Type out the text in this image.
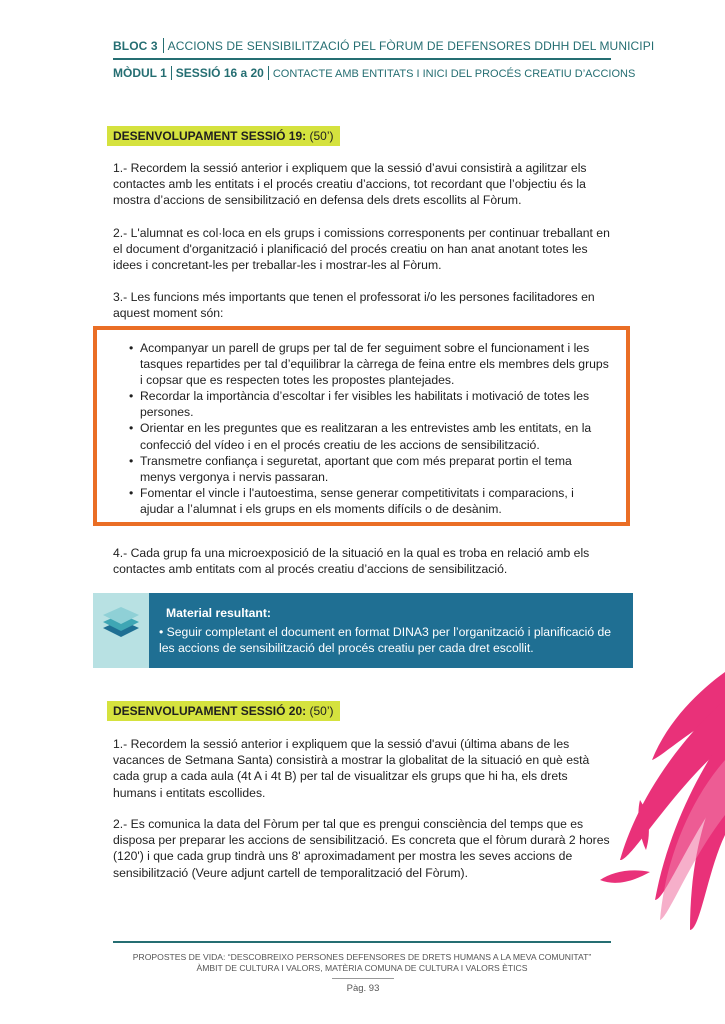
BLOC 3 ACCIONS DE SENSIBILITZACIÓ PEL FÒRUM DE DEFENSORES DDHH DEL MUNICIPI
MÒDUL 1 SESSIÓ 16 a 20 CONTACTE AMB ENTITATS I INICI DEL PROCÉS CREATIU D’ACCIONS
DESENVOLUPAMENT SESSIÓ 19: (50’)

1.- Recordem la sessió anterior i expliquem que la sessió d’avui consistirà a agilitzar els contactes amb les entitats i el procés creatiu d’accions, tot recordant que l’objectiu és la mostra d’accions de sensibilització en defensa dels drets escollits al Fòrum.

2.- L'alumnat es col·loca en els grups i comissions corresponents per continuar treballant en el document d'organització i planificació del procés creatiu on han anat anotant totes les idees i concretant-les per treballar-les i mostrar-les al Fòrum.

3.- Les funcions més importants que tenen el professorat i/o les persones facilitadores en aquest moment són:

• Acompanyar un parell de grups per tal de fer seguiment sobre el funcionament i les tasques repartides per tal d’equilibrar la càrrega de feina entre els membres dels grups i copsar que es respecten totes les propostes plantejades.
• Recordar la importància d’escoltar i fer visibles les habilitats i motivació de totes les persones.
• Orientar en les preguntes que es realitzaran a les entrevistes amb les entitats, en la confecció del vídeo i en el procés creatiu de les accions de sensibilització.
• Transmetre confiança i seguretat, aportant que com més preparat portin el tema menys vergonya i nervis passaran.
• Fomentar el vincle i l'autoestima, sense generar competitivitats i comparacions, i ajudar a l’alumnat i els grups en els moments difícils o de desànim.

4.- Cada grup fa una microexposició de la situació en la qual es troba en relació amb els contactes amb entitats com al procés creatiu d’accions de sensibilització.

Material resultant:
• Seguir completant el document en format DINA3 per l’organització i planificació de les accions de sensibilització del procés creatiu per cada dret escollit.
DESENVOLUPAMENT SESSIÓ 20: (50’)

1.- Recordem la sessió anterior i expliquem que la sessió d'avui (última abans de les vacances de Setmana Santa) consistirà a mostrar la globalitat de la situació en què està cada grup a cada aula (4t A i 4t B) per tal de visualitzar els grups que hi ha, els drets humans i entitats escollides.

2.- Es comunica la data del Fòrum per tal que es prengui consciència del temps que es disposa per preparar les accions de sensibilització. Es concreta que el fòrum durarà 2 hores (120') i que cada grup tindrà uns 8' aproximadament per mostra les seves accions de sensibilització (Veure adjunt cartell de temporalització del Fòrum).

PROPOSTES DE VIDA: “DESCOBREIXO PERSONES DEFENSORES DE DRETS HUMANS A LA MEVA COMUNITAT”
ÀMBIT DE CULTURA I VALORS, MATÈRIA COMUNA DE CULTURA I VALORS ÈTICS
Pàg. 93
